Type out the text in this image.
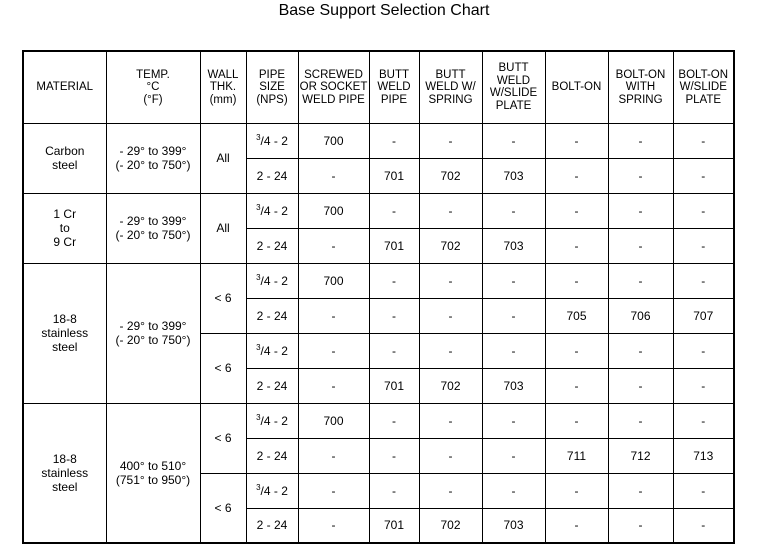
Base Support Selection Chart
MATERIAL	TEMP.
°C
(°F)	WALL
THK.
(mm)	PIPE
SIZE
(NPS)	SCREWED
OR SOCKET
WELD PIPE	BUTT
WELD
PIPE	BUTT
WELD W/
SPRING	BUTT
WELD
W/SLIDE
PLATE	BOLT-ON	BOLT-ON
WITH
SPRING	BOLT-ON
W/SLIDE
PLATE
Carbon
steel	- 29° to 399°
(- 20° to 750°)	All	$^3$/4 - 2	700	-	-	-	-	-	-
			2 - 24	-	701	702	703	-	-	-
1 Cr
to
9 Cr	- 29° to 399°
(- 20° to 750°)	All	$^3$/4 - 2	700	-	-	-	-	-	-
			2 - 24	-	701	702	703	-	-	-
18-8
stainless
steel	- 29° to 399°
(- 20° to 750°)	< 6	$^3$/4 - 2	700	-	-	-	-	-	-
			2 - 24	-	-	-	-	705	706	707
		< 6	$^3$/4 - 2	-	-	-	-	-	-	-
			2 - 24	-	701	702	703	-	-	-
18-8
stainless
steel	400° to 510°
(751° to 950°)	< 6	$^3$/4 - 2	700	-	-	-	-	-	-
			2 - 24	-	-	-	-	711	712	713
		< 6	$^3$/4 - 2	-	-	-	-	-	-	-
			2 - 24	-	701	702	703	-	-	-
